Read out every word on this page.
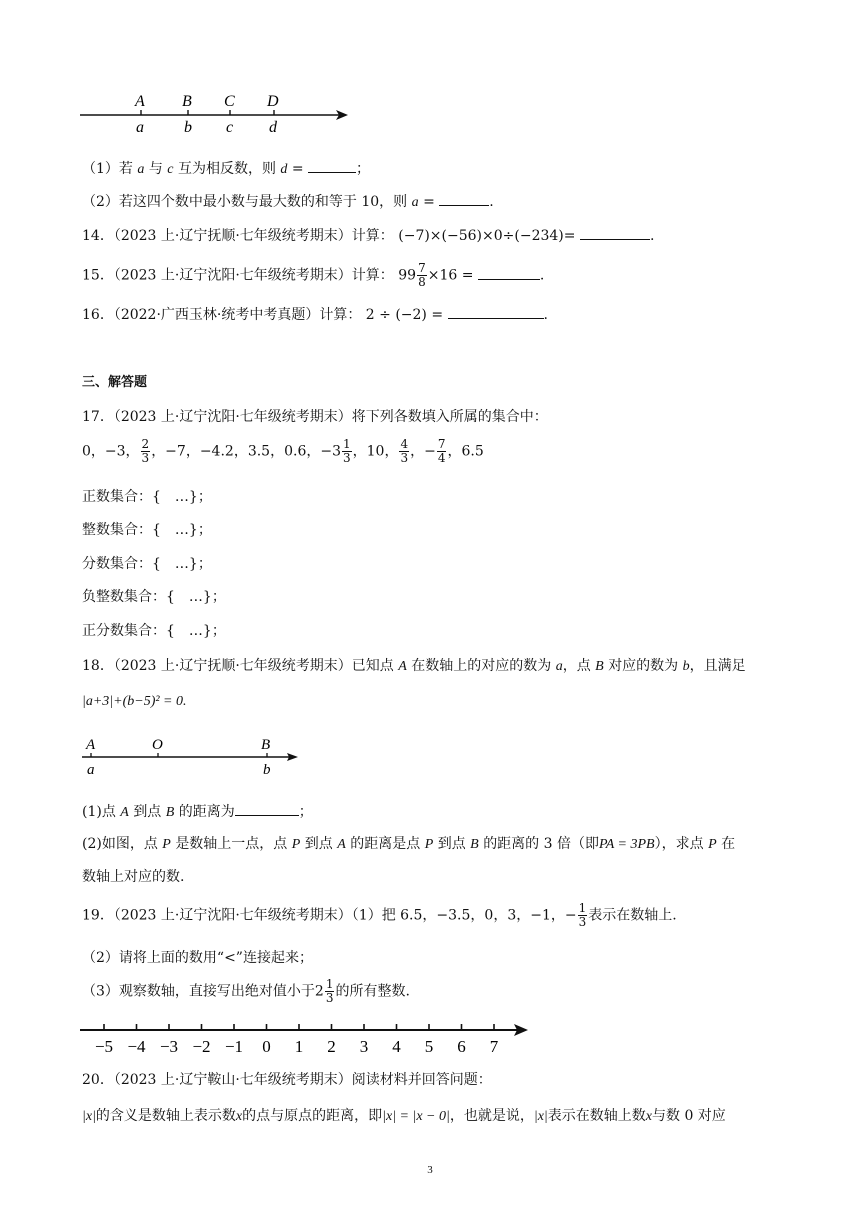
A B C D
a	b c d
（1）若 a 与 c 互为相反数，则 d =	；
（2）若这四个数中最小数与最大数的和等于 10，则 a =	.
14．（2023 上·辽宁抚顺·七年级统考期末）计算： (−7)×(−56)×0÷(−234)=	.
15．（2023 上·辽宁沈阳·七年级统考期末）计算： $99 \frac{7}{8} \times 16$ =	.
16．（2022·广西玉林·统考中考真题）计算： 2 ÷ (−2) =	.
三、解答题
17．（2023 上·辽宁沈阳·七年级统考期末）将下列各数填入所属的集合中：
0，−3， $\frac{2}{3}$ ，−7，−4.2，3.5，0.6，$-3 \frac{1}{3}$ ，10， $\frac{4}{3}$ ，− $\frac{7}{4}$ ，6.5
正数集合：{　…}；
整数集合：{　…}；
分数集合：{　…}；
负整数集合：{　…}；
正分数集合：{　…}；
18．（2023 上·辽宁抚顺·七年级统考期末）已知点 A 在数轴上的对应的数为 a，点 B 对应的数为 b，且满足
|a+3|+(b−5)² = 0.
A	O	B
a	b
(1)点 A 到点 B 的距离为	；
(2)如图，点 P 是数轴上一点，点 P 到点 A 的距离是点 P 到点 B 的距离的 3 倍（即PA = 3PB），求点 P 在
数轴上对应的数.
19．（2023 上·辽宁沈阳·七年级统考期末）（1）把 6.5，−3.5，0，3，−1，− $\frac{1}{3}$ 表示在数轴上.
（2）请将上面的数用“<”连接起来；
（3）观察数轴，直接写出绝对值小于$2 \frac{1}{3}$ 的所有整数.
−5 −4 −3 −2 −1 0 1 2 3 4 5 6 7
20．（2023 上·辽宁鞍山·七年级统考期末）阅读材料并回答问题：
|x|的含义是数轴上表示数x的点与原点的距离，即|x| = |x − 0|，也就是说，|x|表示在数轴上数x与数 0 对应
3
